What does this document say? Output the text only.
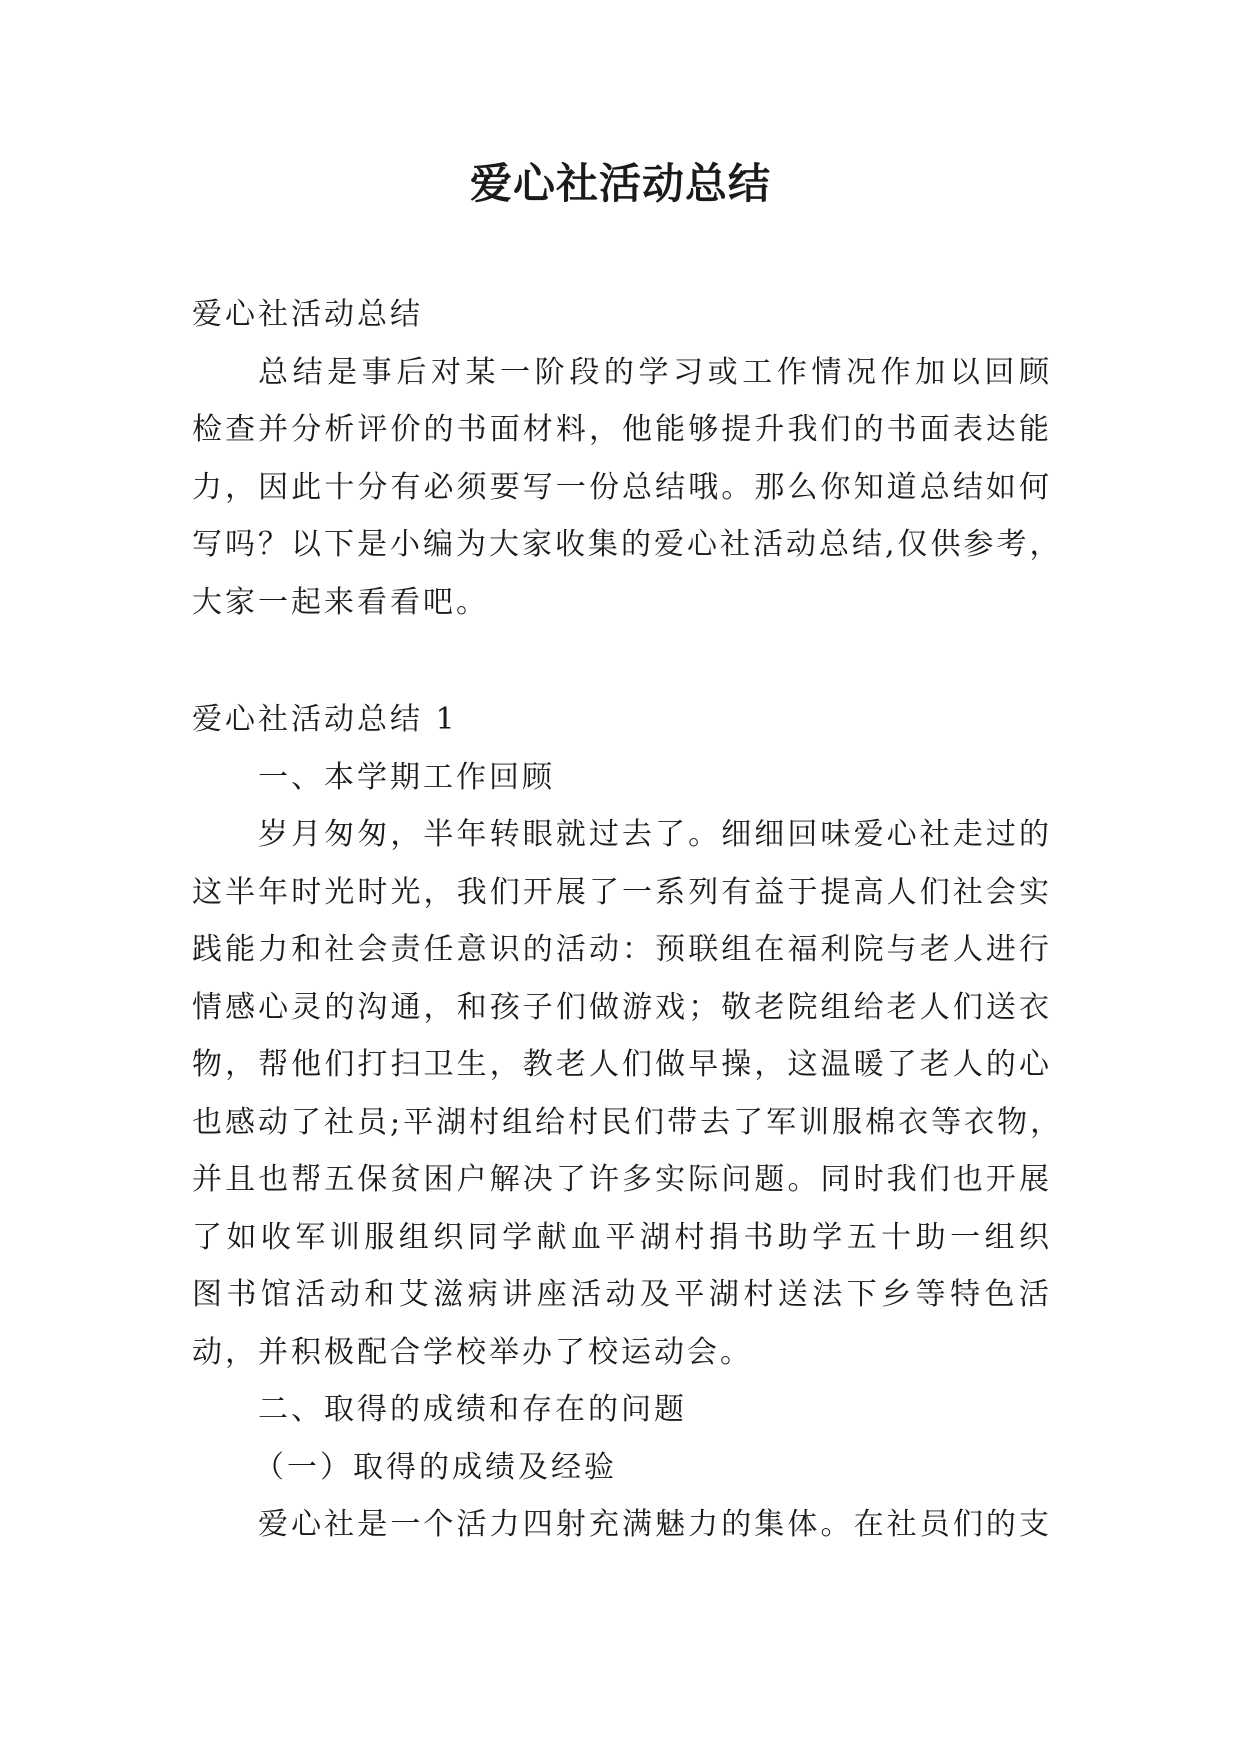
爱心社活动总结

爱心社活动总结

总结是事后对某一阶段的学习或工作情况作加以回顾

检查并分析评价的书面材料，他能够提升我们的书面表达能

力，因此十分有必须要写一份总结哦。那么你知道总结如何

写吗？以下是小编为大家收集的爱心社活动总结,仅供参考，

大家一起来看看吧。

爱心社活动总结 1

一、本学期工作回顾

岁月匆匆，半年转眼就过去了。细细回味爱心社走过的

这半年时光时光，我们开展了一系列有益于提高人们社会实

践能力和社会责任意识的活动：预联组在福利院与老人进行

情感心灵的沟通，和孩子们做游戏；敬老院组给老人们送衣

物，帮他们打扫卫生，教老人们做早操，这温暖了老人的心

也感动了社员;平湖村组给村民们带去了军训服棉衣等衣物，

并且也帮五保贫困户解决了许多实际问题。同时我们也开展

了如收军训服组织同学献血平湖村捐书助学五十助一组织

图书馆活动和艾滋病讲座活动及平湖村送法下乡等特色活

动，并积极配合学校举办了校运动会。

二、取得的成绩和存在的问题

（一）取得的成绩及经验

爱心社是一个活力四射充满魅力的集体。在社员们的支
